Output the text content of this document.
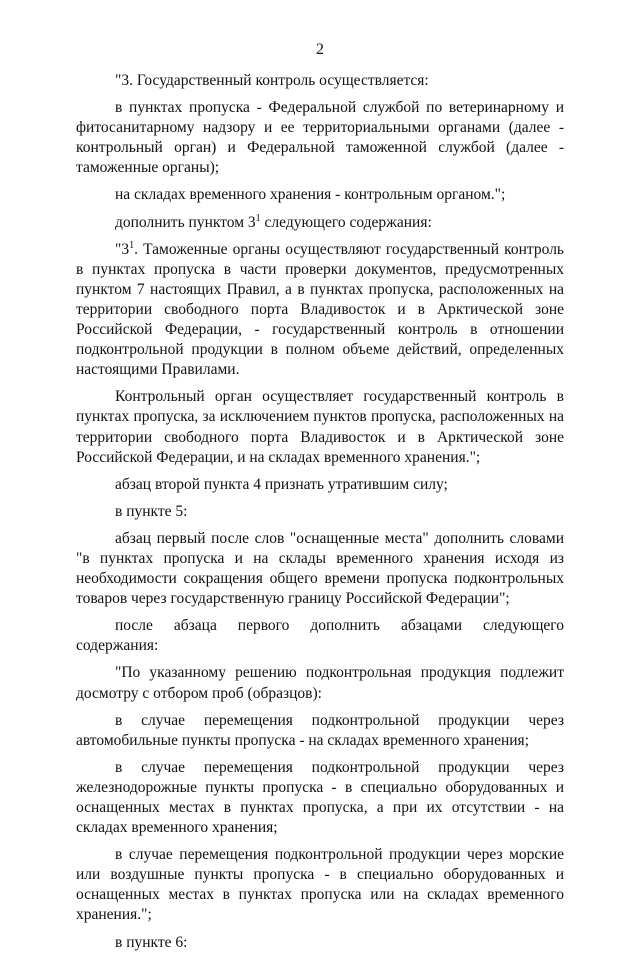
2

"3. Государственный контроль осуществляется:

в пунктах пропуска - Федеральной службой по ветеринарному и фитосанитарному надзору и ее территориальными органами (далее - контрольный орган) и Федеральной таможенной службой (далее - таможенные органы);

на складах временного хранения - контрольным органом.";

дополнить пунктом $3^1$ следующего содержания:

"$3^1$. Таможенные органы осуществляют государственный контроль в пунктах пропуска в части проверки документов, предусмотренных пунктом 7 настоящих Правил, а в пунктах пропуска, расположенных на территории свободного порта Владивосток и в Арктической зоне Российской Федерации, - государственный контроль в отношении подконтрольной продукции в полном объеме действий, определенных настоящими Правилами.

Контрольный орган осуществляет государственный контроль в пунктах пропуска, за исключением пунктов пропуска, расположенных на территории свободного порта Владивосток и в Арктической зоне Российской Федерации, и на складах временного хранения.";

абзац второй пункта 4 признать утратившим силу;

в пункте 5:

абзац первый после слов "оснащенные места" дополнить словами "в пунктах пропуска и на склады временного хранения исходя из необходимости сокращения общего времени пропуска подконтрольных товаров через государственную границу Российской Федерации";

после абзаца первого дополнить абзацами следующего содержания:

"По указанному решению подконтрольная продукция подлежит досмотру с отбором проб (образцов):

в случае перемещения подконтрольной продукции через автомобильные пункты пропуска - на складах временного хранения;

в случае перемещения подконтрольной продукции через железнодорожные пункты пропуска - в специально оборудованных и оснащенных местах в пунктах пропуска, а при их отсутствии - на складах временного хранения;

в случае перемещения подконтрольной продукции через морские или воздушные пункты пропуска - в специально оборудованных и оснащенных местах в пунктах пропуска или на складах временного хранения.";

в пункте 6:
